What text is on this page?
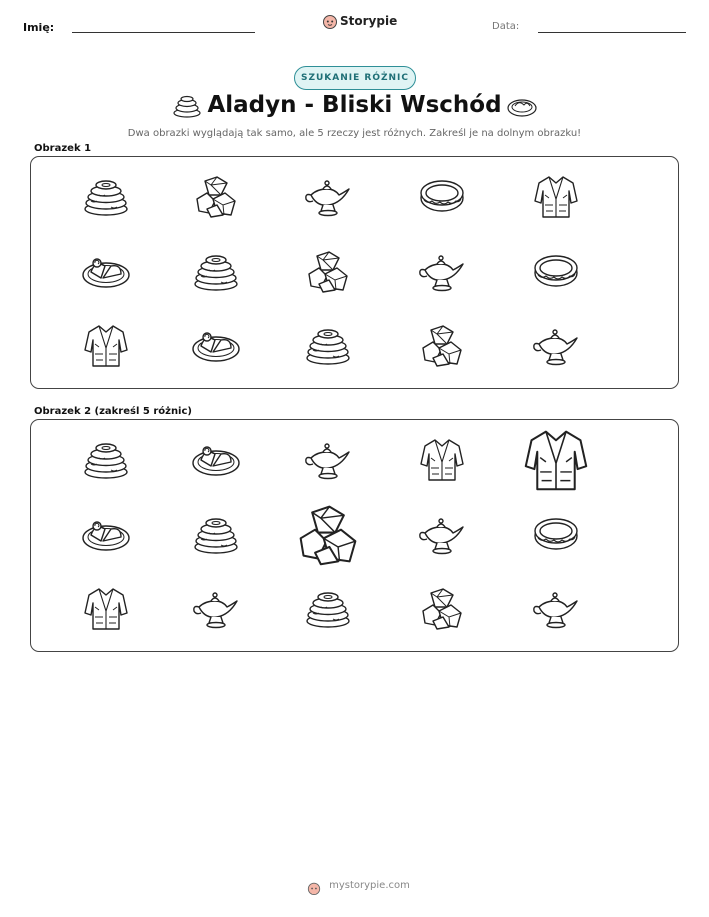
Imię:	Storypie	Data:
SZUKANIE RÓŻNIC
Aladyn - Bliski Wschód
Dwa obrazki wyglądają tak samo, ale 5 rzeczy jest różnych. Zakreśl je na dolnym obrazku!
Obrazek 1
Obrazek 2 (zakreśl 5 różnic)
mystorypie.com
